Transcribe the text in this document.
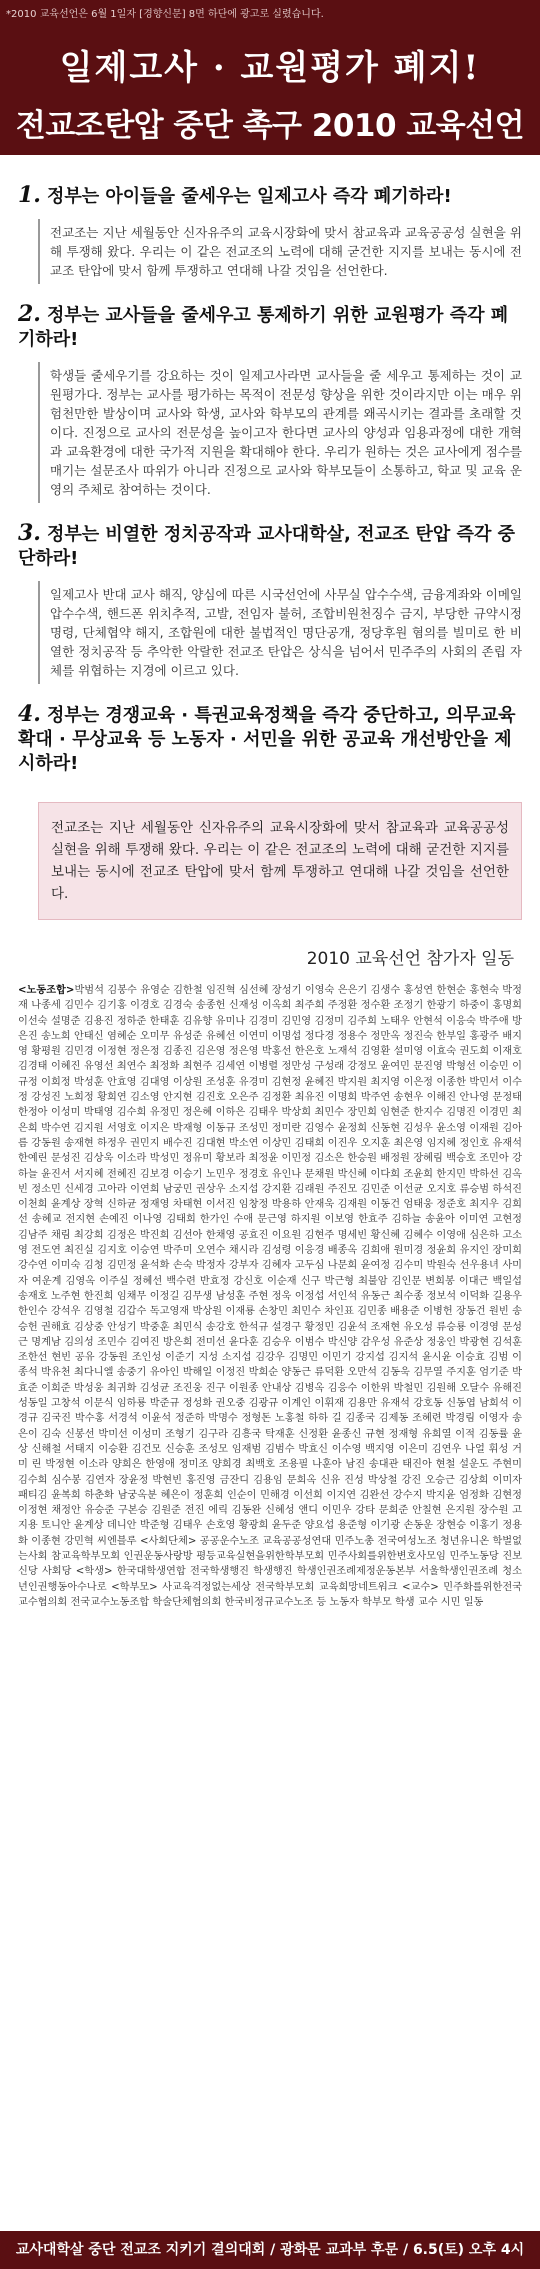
*2010 교육선언은 6월 1일자 [경향신문] 8면 하단에 광고로 실렸습니다.
일제고사 · 교원평가 폐지!
전교조탄압 중단 촉구 2010 교육선언
1. 정부는 아이들을 줄세우는 일제고사 즉각 폐기하라!
전교조는 지난 세월동안 신자유주의 교육시장화에 맞서 참교육과 교육공공성 실현을 위해 투쟁해 왔다. 우리는 이 같은 전교조의 노력에 대해 굳건한 지지를 보내는 동시에 전교조 탄압에 맞서 함께 투쟁하고 연대해 나갈 것임을 선언한다.
2. 정부는 교사들을 줄세우고 통제하기 위한 교원평가 즉각 폐기하라!
학생들 줄세우기를 강요하는 것이 일제고사라면 교사들을 줄 세우고 통제하는 것이 교원평가다. 정부는 교사를 평가하는 목적이 전문성 향상을 위한 것이라지만 이는 매우 위험천만한 발상이며 교사와 학생, 교사와 학부모의 관계를 왜곡시키는 결과를 초래할 것이다. 진정으로 교사의 전문성을 높이고자 한다면 교사의 양성과 임용과정에 대한 개혁과 교육환경에 대한 국가적 지원을 확대해야 한다. 우리가 원하는 것은 교사에게 점수를 매기는 설문조사 따위가 아니라 진정으로 교사와 학부모들이 소통하고, 학교 및 교육 운영의 주체로 참여하는 것이다.
3. 정부는 비열한 정치공작과 교사대학살, 전교조 탄압 즉각 중단하라!
일제고사 반대 교사 해직, 양심에 따른 시국선언에 사무실 압수수색, 금융계좌와 이메일 압수수색, 핸드폰 위치추적, 고발, 전임자 불허, 조합비원천징수 금지, 부당한 규약시정명령, 단체협약 해지, 조합원에 대한 불법적인 명단공개, 정당후원 혐의를 빌미로 한 비열한 정치공작 등 추악한 악랄한 전교조 탄압은 상식을 넘어서 민주주의 사회의 존립 자체를 위협하는 지경에 이르고 있다.
4. 정부는 경쟁교육 · 특권교육정책을 즉각 중단하고, 의무교육 확대 · 무상교육 등 노동자 · 서민을 위한 공교육 개선방안을 제시하라!
전교조는 지난 세월동안 신자유주의 교육시장화에 맞서 참교육과 교육공공성 실현을 위해 투쟁해 왔다. 우리는 이 같은 전교조의 노력에 대해 굳건한 지지를 보내는 동시에 전교조 탄압에 맞서 함께 투쟁하고 연대해 나갈 것임을 선언한다.
2010 교육선언 참가자 일동
<노동조합>박범석 김봉수 유영순 김한철 임진혁 심선혜 장성기 이영숙 은은기 김생수 홍성연 한현순 홍현숙 박정재 나종세 김민수 김기홍 이경호 김경숙 송종헌 신재성 이옥희 최주희 주정환 정수환 조정기 한광기 하중이 홍명희 이선숙 설명준 김용진 정하준 한태훈 김유향 유미나 김경미 김민영 김정미 김주희 노태우 안현석 이응숙 박주애 방은진 송노희 안태신 염혜순 오미무 유성준 유혜선 이연미 이명섭 정다경 정용수 정만옥 정진숙 한부일 홍광주 배지영 황평원 김민경 이정현 정은정 김종진 김은영 정은영 박홍선 한은호 노재석 김영환 설미영 이효숙 권도희 이재호 김경태 이혜진 유영선 최연수 최정화 최현주 김세연 이병렬 정만성 구성래 강정모 윤여민 문진영 박형선 이승민 이규정 이희정 박성훈 안효영 김대영 이상원 조성훈 유경미 김현정 윤혜진 박지원 최지영 이은정 이종한 박민서 이수정 강성진 노희정 황희연 김소영 안지현 김진호 오은주 김정환 최유진 이명희 박주연 송현우 이해진 안나영 문정태 한정아 이성미 박태영 김수희 유정민 정은혜 이하은 김태우 박상희 최민수 장민희 임현준 한지수 김명진 이경민 최은희 박수연 김지원 서영호 이지은 박재형 이동규 조성민 정미란 김영수 윤정희 신동현 김성우 윤소영 이재원 김아름 강동원 송재현 하정우 권민지 배수진 김대현 박소연 이상민 김태희 이진우 오지훈 최은영 임지혜 정인호 유재석 한예린 문성진 김상욱 이소라 박성민 정유미 황보라 최정윤 이민정 김소은 한승원 배정원 장혜림 백승호 조민아 강하늘 윤진서 서지혜 전혜진 김보경 이승기 노민우 정경호 유인나 문채원 박신혜 이다희 조윤희 한지민 박하선 김옥빈 정소민 신세경 고아라 이연희 남궁민 권상우 소지섭 강지환 김래원 주진모 김민준 이선균 오지호 류승범 하석진 이천희 윤계상 장혁 신하균 정재영 차태현 이서진 임창정 박용하 안재욱 김재원 이동건 엄태웅 정준호 최지우 김희선 송혜교 전지현 손예진 이나영 김태희 한가인 수애 문근영 하지원 이보영 한효주 김하늘 송윤아 이미연 고현정 김남주 채림 최강희 김정은 박진희 김선아 한채영 공효진 이요원 김현주 명세빈 황신혜 김혜수 이영애 심은하 고소영 전도연 최진실 김지호 이승연 박주미 오연수 채시라 김성령 이응경 배종옥 김희애 원미경 정윤희 유지인 장미희 강수연 이미숙 김청 김민정 윤석화 손숙 박정자 강부자 김혜자 고두심 나문희 윤여정 김수미 박원숙 선우용녀 사미자 여운계 김영옥 이주실 정혜선 백수련 반효정 강신호 이순재 신구 박근형 최불암 김인문 변희봉 이대근 백일섭 송재호 노주현 한진희 임채무 이정길 김무생 남성훈 주현 정욱 이정섭 서인석 유동근 최수종 정보석 이덕화 길용우 한인수 강석우 김영철 김갑수 독고영재 박상원 이재룡 손창민 최민수 차인표 김민종 배용준 이병헌 장동건 원빈 송승헌 권해효 김상중 안성기 박중훈 최민식 송강호 한석규 설경구 황정민 김윤석 조재현 유오성 류승룡 이경영 문성근 명계남 김의성 조민수 김여진 방은희 전미선 윤다훈 김승우 이범수 박신양 감우성 유준상 정웅인 박광현 김석훈 조한선 현빈 공유 강동원 조인성 이준기 지성 소지섭 김강우 김명민 이민기 강지섭 김지석 윤시윤 이승효 김범 이종석 박유천 최다니엘 송중기 유아인 박해일 이정진 박희순 양동근 류덕환 오만석 김동욱 김무열 주지훈 엄기준 박효준 이희준 박성웅 최귀화 김성균 조진웅 진구 이원종 안내상 김병옥 김응수 이한위 박철민 김원해 오달수 유해진 성동일 고창석 이문식 임하룡 박준규 정성화 권오중 김광규 이계인 이휘재 김용만 유재석 강호동 신동엽 남희석 이경규 김국진 박수홍 서경석 이윤석 정준하 박명수 정형돈 노홍철 하하 길 김종국 김제동 조혜련 박경림 이영자 송은이 김숙 신봉선 박미선 이성미 조형기 김구라 김흥국 탁재훈 신정환 윤종신 규현 정재형 유희열 이적 김동률 윤상 신해철 서태지 이승환 김건모 신승훈 조성모 임재범 김범수 박효신 이수영 백지영 이은미 김연우 나얼 휘성 거미 린 박정현 이소라 양희은 한영애 정미조 양희경 최백호 조용필 나훈아 남진 송대관 태진아 현철 설운도 주현미 김수희 심수봉 김연자 장윤정 박현빈 홍진영 금잔디 김용임 문희옥 신유 진성 박상철 강진 오승근 김상희 이미자 패티김 윤복희 하춘화 남궁옥분 혜은이 정훈희 인순이 민해경 이선희 이지연 김완선 강수지 박지윤 엄정화 김현정 이정현 채정안 유승준 구본승 김원준 전진 에릭 김동완 신혜성 앤디 이민우 강타 문희준 안칠현 은지원 장수원 고지용 토니안 윤계상 데니안 박준형 김태우 손호영 황광희 윤두준 양요섭 용준형 이기광 손동운 장현승 이홍기 정용화 이종현 강민혁 씨엔블루 <사회단체> 공공운수노조 교육공공성연대 민주노총 전국여성노조 청년유니온 학벌없는사회 참교육학부모회 인권운동사랑방 평등교육실현을위한학부모회 민주사회를위한변호사모임 민주노동당 진보신당 사회당 <학생> 한국대학생연합 전국학생행진 학생행진 학생인권조례제정운동본부 서울학생인권조례 청소년인권행동아수나로 <학부모> 사교육걱정없는세상 전국학부모회 교육희망네트워크 <교수> 민주화를위한전국교수협의회 전국교수노동조합 학술단체협의회 한국비정규교수노조 등 노동자 학부모 학생 교수 시민 일동
교사대학살 중단 전교조 지키기 결의대회 / 광화문 교과부 후문 / 6.5(토) 오후 4시
